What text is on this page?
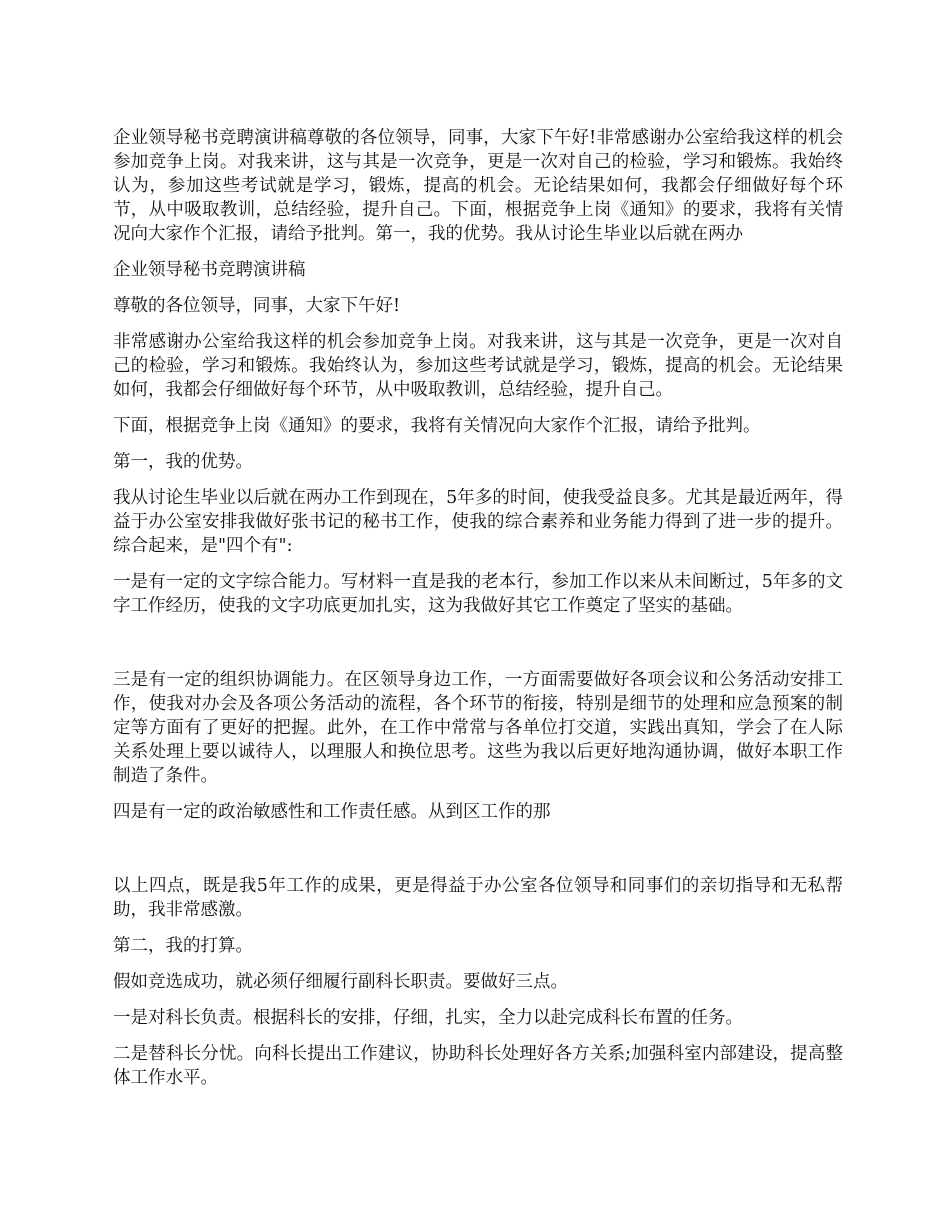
企业领导秘书竞聘演讲稿尊敬的各位领导，同事，大家下午好!非常感谢办公室给我这样的机会参加竞争上岗。对我来讲，这与其是一次竞争，更是一次对自己的检验，学习和锻炼。我始终认为，参加这些考试就是学习，锻炼，提高的机会。无论结果如何，我都会仔细做好每个环节，从中吸取教训，总结经验，提升自己。下面，根据竞争上岗《通知》的要求，我将有关情况向大家作个汇报，请给予批判。第一，我的优势。我从讨论生毕业以后就在两办

企业领导秘书竞聘演讲稿

尊敬的各位领导，同事，大家下午好!

非常感谢办公室给我这样的机会参加竞争上岗。对我来讲，这与其是一次竞争，更是一次对自己的检验，学习和锻炼。我始终认为，参加这些考试就是学习，锻炼，提高的机会。无论结果如何，我都会仔细做好每个环节，从中吸取教训，总结经验，提升自己。

下面，根据竞争上岗《通知》的要求，我将有关情况向大家作个汇报，请给予批判。

第一，我的优势。

我从讨论生毕业以后就在两办工作到现在，5年多的时间，使我受益良多。尤其是最近两年，得益于办公室安排我做好张书记的秘书工作，使我的综合素养和业务能力得到了进一步的提升。综合起来，是"四个有":

一是有一定的文字综合能力。写材料一直是我的老本行，参加工作以来从未间断过，5年多的文字工作经历，使我的文字功底更加扎实，这为我做好其它工作奠定了坚实的基础。

三是有一定的组织协调能力。在区领导身边工作，一方面需要做好各项会议和公务活动安排工作，使我对办会及各项公务活动的流程，各个环节的衔接，特别是细节的处理和应急预案的制定等方面有了更好的把握。此外，在工作中常常与各单位打交道，实践出真知，学会了在人际关系处理上要以诚待人，以理服人和换位思考。这些为我以后更好地沟通协调，做好本职工作制造了条件。

四是有一定的政治敏感性和工作责任感。从到区工作的那

以上四点，既是我5年工作的成果，更是得益于办公室各位领导和同事们的亲切指导和无私帮助，我非常感激。

第二，我的打算。

假如竞选成功，就必须仔细履行副科长职责。要做好三点。

一是对科长负责。根据科长的安排，仔细，扎实，全力以赴完成科长布置的任务。

二是替科长分忧。向科长提出工作建议，协助科长处理好各方关系;加强科室内部建设，提高整体工作水平。
